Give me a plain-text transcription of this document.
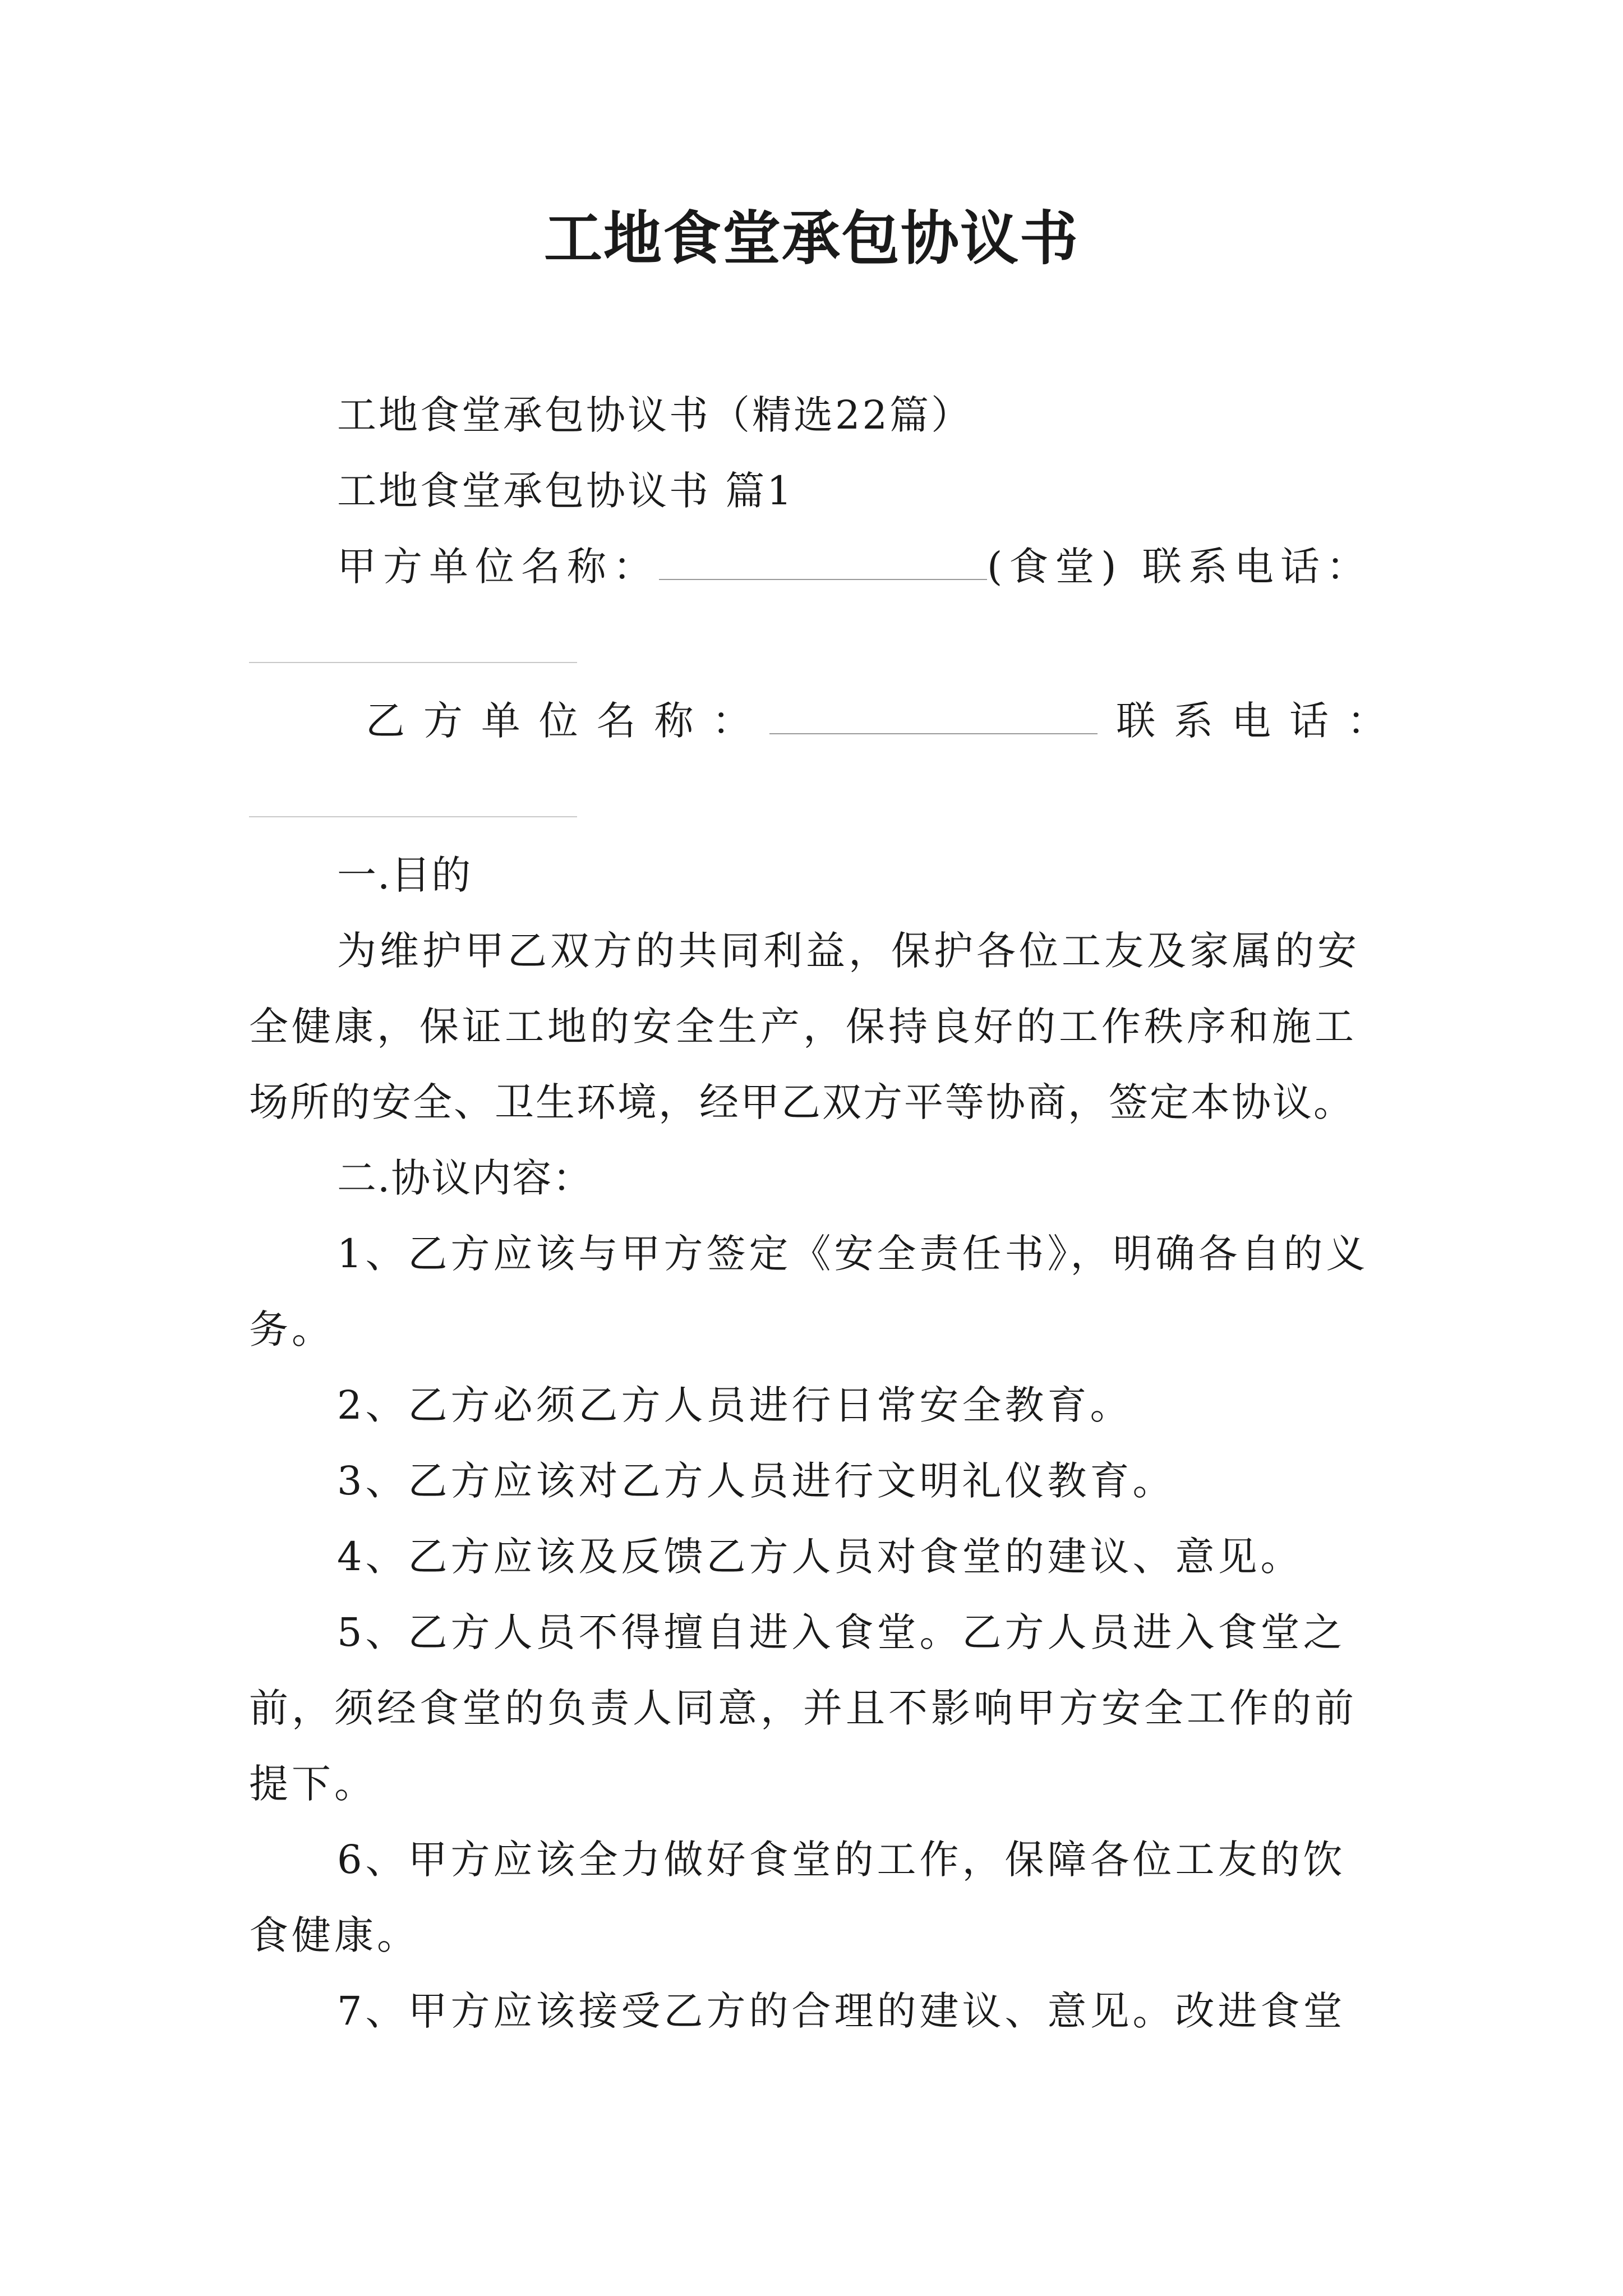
工地食堂承包协议书
工地食堂承包协议书（精选22篇）
工地食堂承包协议书 篇1
甲方单位名称：	(食堂) 联系电话：
乙 方 单 位 名 称 ：	联 系 电 话 ：
一.目的
为维护甲乙双方的共同利益，保护各位工友及家属的安
全健康，保证工地的安全生产，保持良好的工作秩序和施工
场所的安全、卫生环境，经甲乙双方平等协商，签定本协议。
二.协议内容：
1、乙方应该与甲方签定《安全责任书》，明确各自的义
务。
2、乙方必须乙方人员进行日常安全教育。
3、乙方应该对乙方人员进行文明礼仪教育。
4、乙方应该及反馈乙方人员对食堂的建议、意见。
5、乙方人员不得擅自进入食堂。乙方人员进入食堂之
前，须经食堂的负责人同意，并且不影响甲方安全工作的前
提下。
6、甲方应该全力做好食堂的工作，保障各位工友的饮
食健康。
7、甲方应该接受乙方的合理的建议、意见。改进食堂
